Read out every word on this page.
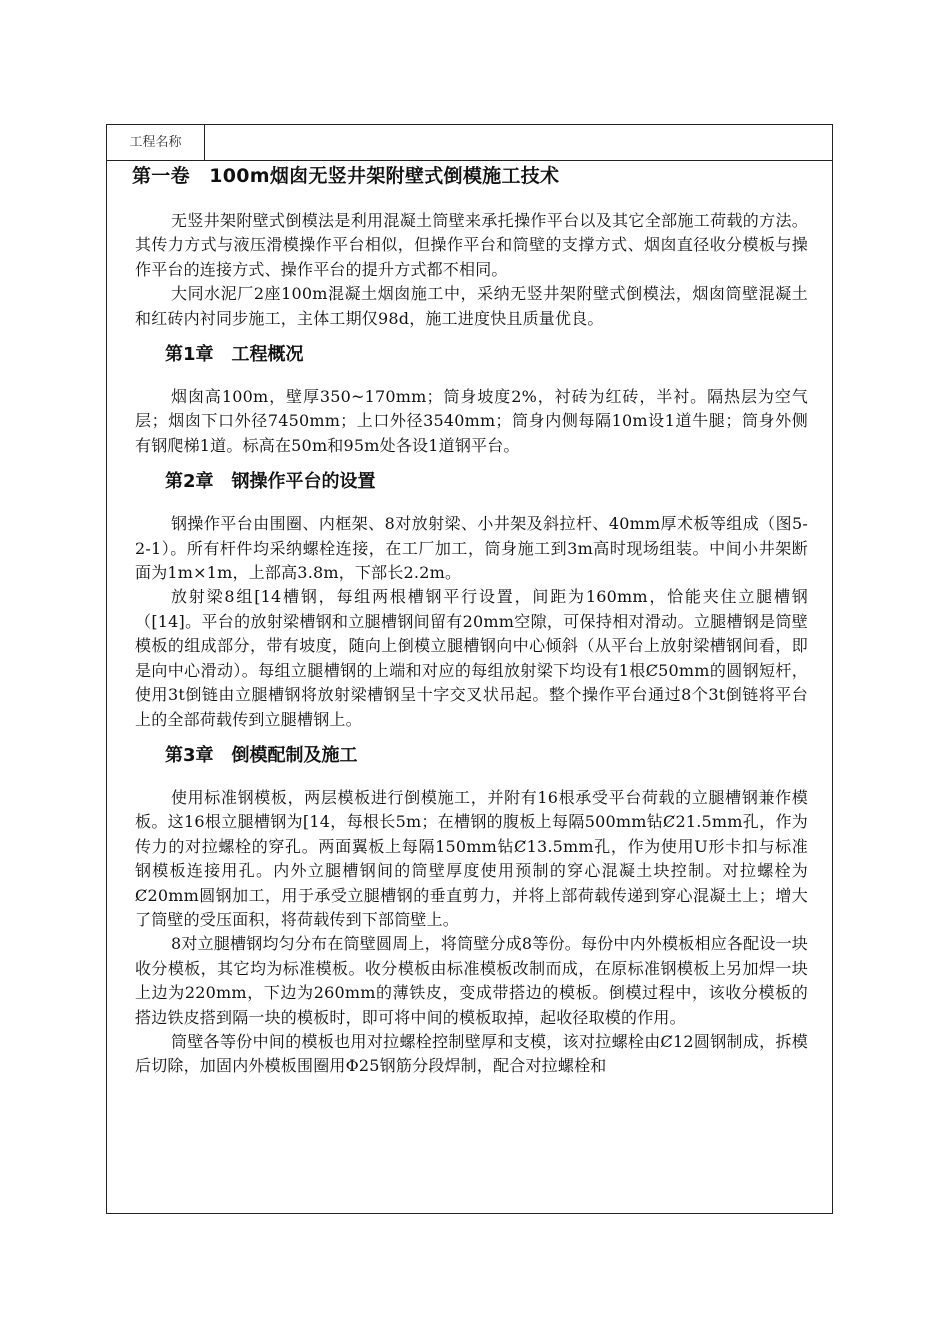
工程名称
第一卷　100m烟囱无竖井架附壁式倒模施工技术

无竖井架附壁式倒模法是利用混凝土筒壁来承托操作平台以及其它全部施工荷载的方法。其传力方式与液压滑模操作平台相似，但操作平台和筒壁的支撑方式、烟囱直径收分模板与操作平台的连接方式、操作平台的提升方式都不相同。

大同水泥厂2座100m混凝土烟囱施工中，采纳无竖井架附壁式倒模法，烟囱筒壁混凝土和红砖内衬同步施工，主体工期仅98d，施工进度快且质量优良。

第1章　工程概况

烟囱高100m，壁厚350~170mm；筒身坡度2%，衬砖为红砖，半衬。隔热层为空气层；烟囱下口外径7450mm；上口外径3540mm；筒身内侧每隔10m设1道牛腿；筒身外侧有钢爬梯1道。标高在50m和95m处各设1道钢平台。

第2章　钢操作平台的设置

钢操作平台由围圈、内框架、8对放射梁、小井架及斜拉杆、40mm厚术板等组成（图5-2-1）。所有杆件均采纳螺栓连接，在工厂加工，筒身施工到3m高时现场组装。中间小井架断面为1m×1m，上部高3.8m，下部长2.2m。

放射梁8组[14槽钢，每组两根槽钢平行设置，间距为160mm，恰能夹住立腿槽钢（[14]。平台的放射梁槽钢和立腿槽钢间留有20mm空隙，可保持相对滑动。立腿槽钢是筒壁模板的组成部分，带有坡度，随向上倒模立腿槽钢向中心倾斜（从平台上放射梁槽钢间看，即是向中心滑动）。每组立腿槽钢的上端和对应的每组放射梁下均设有1根Ȼ50mm的圆钢短杆，使用3t倒链由立腿槽钢将放射梁槽钢呈十字交叉状吊起。整个操作平台通过8个3t倒链将平台上的全部荷载传到立腿槽钢上。

第3章　倒模配制及施工

使用标准钢模板，两层模板进行倒模施工，并附有16根承受平台荷载的立腿槽钢兼作模板。这16根立腿槽钢为[14，每根长5m；在槽钢的腹板上每隔500mm钻Ȼ21.5mm孔，作为传力的对拉螺栓的穿孔。两面翼板上每隔150mm钻Ȼ13.5mm孔，作为使用U形卡扣与标准钢模板连接用孔。内外立腿槽钢间的筒壁厚度使用预制的穿心混凝土块控制。对拉螺栓为Ȼ20mm圆钢加工，用于承受立腿槽钢的垂直剪力，并将上部荷载传递到穿心混凝土上；增大了筒壁的受压面积，将荷载传到下部筒壁上。

8对立腿槽钢均匀分布在筒壁圆周上，将筒壁分成8等份。每份中内外模板相应各配设一块收分模板，其它均为标准模板。收分模板由标准模板改制而成，在原标准钢模板上另加焊一块上边为220mm，下边为260mm的薄铁皮，变成带搭边的模板。倒模过程中，该收分模板的搭边铁皮搭到隔一块的模板时，即可将中间的模板取掉，起收径取模的作用。

筒壁各等份中间的模板也用对拉螺栓控制壁厚和支模，该对拉螺栓由Ȼ12圆钢制成，拆模后切除，加固内外模板围圈用Φ25钢筋分段焊制，配合对拉螺栓和
